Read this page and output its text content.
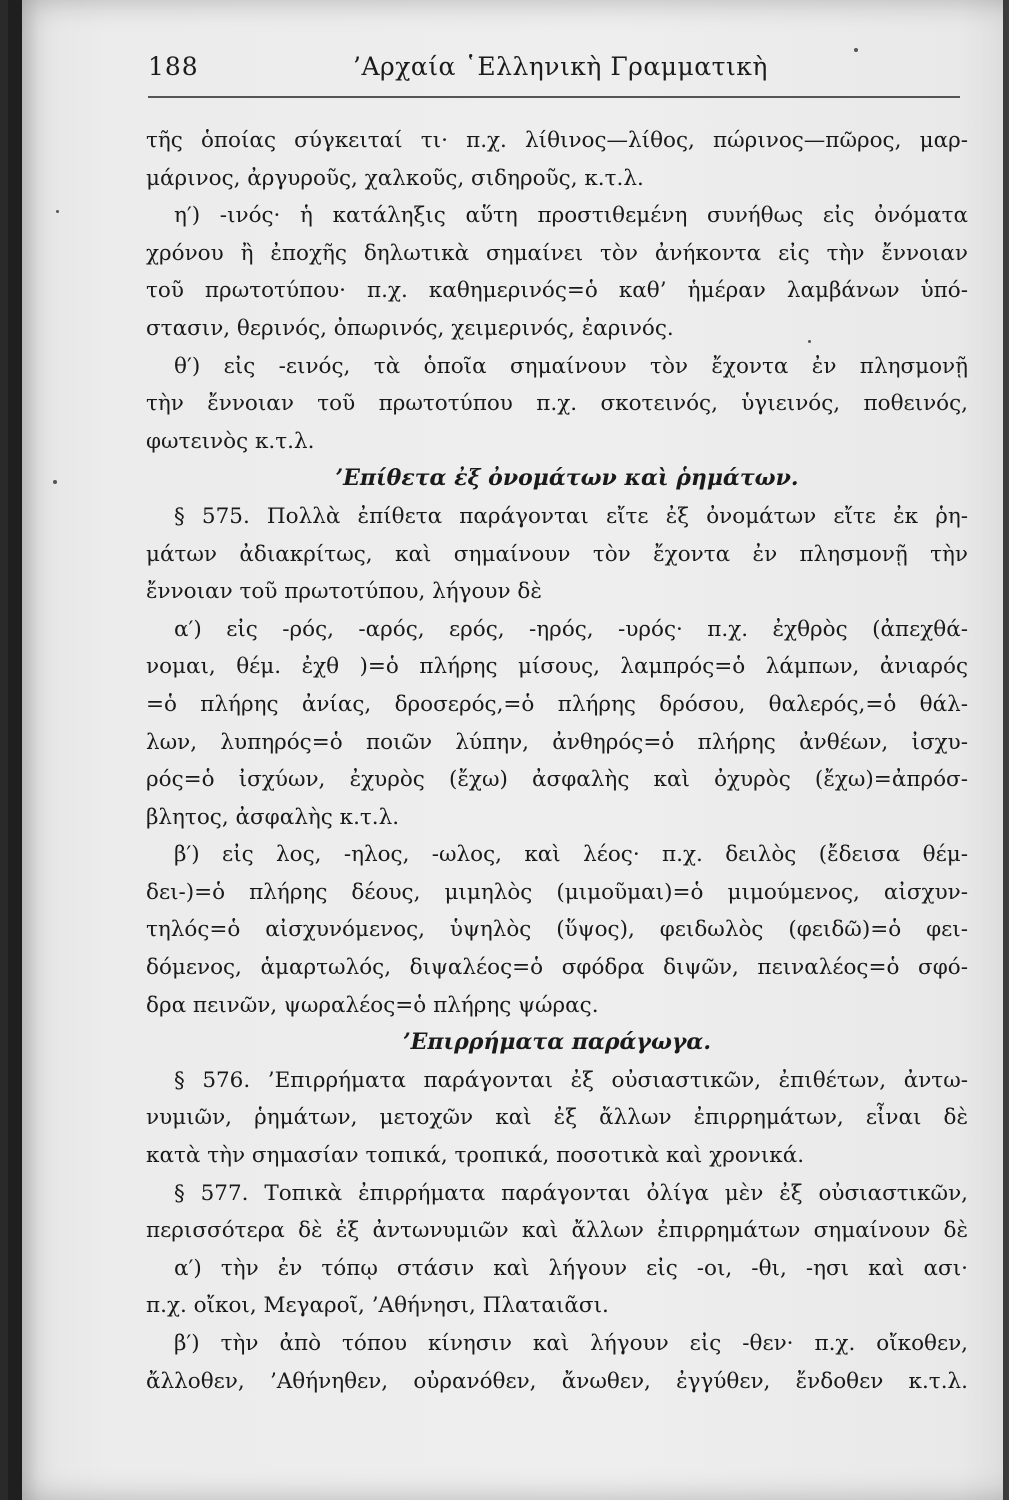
188	’Αρχαία ῾Ελληνικὴ Γραμματικὴ
τῆς ὁποίας σύγκειταί τι· π.χ. λίθινος—λίθος, πώρινος—πῶρος, μαρ-
μάρινος, ἀργυροῦς, χαλκοῦς, σιδηροῦς, κ.τ.λ.
η′) -ινός· ἡ κατάληξις αὕτη προστιθεμένη συνήθως εἰς ὀνόματα
χρόνου ἢ ἐποχῆς δηλωτικὰ σημαίνει τὸν ἀνήκοντα εἰς τὴν ἔννοιαν
τοῦ πρωτοτύπου· π.χ. καθημερινός=ὁ καθ’ ἡμέραν λαμβάνων ὑπό-
στασιν, θερινός, ὀπωρινός, χειμερινός, ἐαρινός.
θ′) εἰς -εινός, τὰ ὁποῖα σημαίνουν τὸν ἔχοντα ἐν πλησμονῇ
τὴν ἔννοιαν τοῦ πρωτοτύπου π.χ. σκοτεινός, ὑγιεινός, ποθεινός,
φωτεινὸς κ.τ.λ.
’Επίθετα ἐξ ὀνομάτων καὶ ῥημάτων.
§ 575. Πολλὰ ἐπίθετα παράγονται εἴτε ἐξ ὀνομάτων εἴτε ἐκ ῥη-
μάτων ἀδιακρίτως, καὶ σημαίνουν τὸν ἔχοντα ἐν πλησμονῇ τὴν
ἔννοιαν τοῦ πρωτοτύπου, λήγουν δὲ
α′) εἰς -ρός, -αρός, ερός, -ηρός, -υρός· π.χ. ἐχθρὸς (ἀπεχθά-
νομαι, θέμ. ἐχθ )=ὁ πλήρης μίσους, λαμπρός=ὁ λάμπων, ἀνιαρός
=ὁ πλήρης ἀνίας, δροσερός,=ὁ πλήρης δρόσου, θαλερός,=ὁ θάλ-
λων, λυπηρός=ὁ ποιῶν λύπην, ἀνθηρός=ὁ πλήρης ἀνθέων, ἰσχυ-
ρός=ὁ ἰσχύων, ἐχυρὸς (ἔχω) ἀσφαλὴς καὶ ὀχυρὸς (ἔχω)=ἀπρόσ-
βλητος, ἀσφαλὴς κ.τ.λ.
β′) εἰς λος, -ηλος, -ωλος, καὶ λέος· π.χ. δειλὸς (ἔδεισα θέμ-
δει-)=ὁ πλήρης δέους, μιμηλὸς (μιμοῦμαι)=ὁ μιμούμενος, αἰσχυν-
τηλός=ὁ αἰσχυνόμενος, ὑψηλὸς (ὕψος), φειδωλὸς (φειδῶ)=ὁ φει-
δόμενος, ἁμαρτωλός, διψαλέος=ὁ σφόδρα διψῶν, πειναλέος=ὁ σφό-
δρα πεινῶν, ψωραλέος=ὁ πλήρης ψώρας.
’Επιρρήματα παράγωγα.
§ 576. ’Επιρρήματα παράγονται ἐξ οὐσιαστικῶν, ἐπιθέτων, ἀντω-
νυμιῶν, ῥημάτων, μετοχῶν καὶ ἐξ ἄλλων ἐπιρρημάτων, εἶναι δὲ
κατὰ τὴν σημασίαν τοπικά, τροπικά, ποσοτικὰ καὶ χρονικά.
§ 577. Τοπικὰ ἐπιρρήματα παράγονται ὀλίγα μὲν ἐξ οὐσιαστικῶν,
περισσότερα δὲ ἐξ ἀντωνυμιῶν καὶ ἄλλων ἐπιρρημάτων σημαίνουν δὲ
α′) τὴν ἐν τόπῳ στάσιν καὶ λήγουν εἰς -οι, -θι, -ησι καὶ ασι·
π.χ. οἴκοι, Μεγαροῖ, ’Αθήνησι, Πλαταιᾶσι.
β′) τὴν ἀπὸ τόπου κίνησιν καὶ λήγουν εἰς -θεν· π.χ. οἴκοθεν,
ἄλλοθεν, ’Αθήνηθεν, οὐρανόθεν, ἄνωθεν, ἐγγύθεν, ἔνδοθεν κ.τ.λ.
